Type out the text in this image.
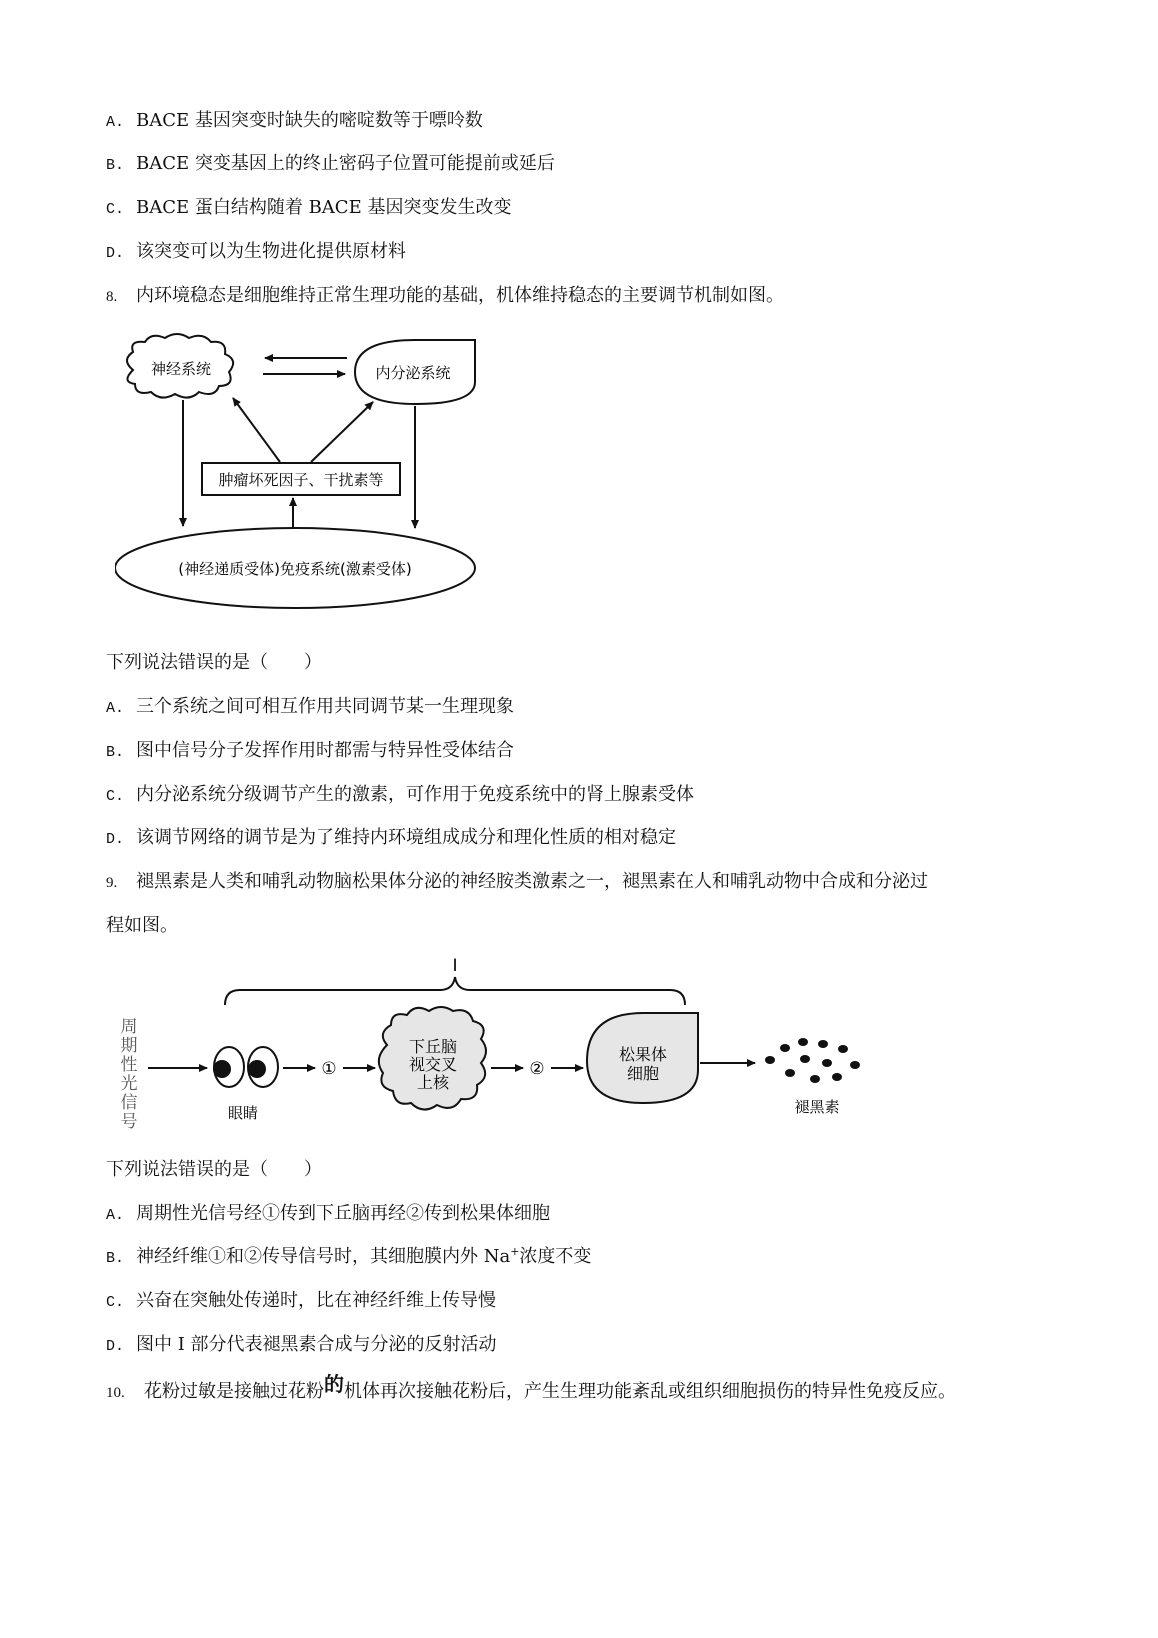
A. BACE 基因突变时缺失的嘧啶数等于嘌呤数
B. BACE 突变基因上的终止密码子位置可能提前或延后
C. BACE 蛋白结构随着 BACE 基因突变发生改变
D. 该突变可以为生物进化提供原材料
8. 内环境稳态是细胞维持正常生理功能的基础，机体维持稳态的主要调节机制如图。
神经系统	内分泌系统
肿瘤坏死因子、干扰素等
(神经递质受体)免疫系统(激素受体)
下列说法错误的是（　　）
A. 三个系统之间可相互作用共同调节某一生理现象
B. 图中信号分子发挥作用时都需与特异性受体结合
C. 内分泌系统分级调节产生的激素，可作用于免疫系统中的肾上腺素受体
D. 该调节网络的调节是为了维持内环境组成成分和理化性质的相对稳定
9. 褪黑素是人类和哺乳动物脑松果体分泌的神经胺类激素之一，褪黑素在人和哺乳动物中合成和分泌过
程如图。
I
周
期
性
光
信
号	眼睛
①
下丘脑
视交叉
上核
②
松果体
细胞
褪黑素
下列说法错误的是（　　）
A. 周期性光信号经①传到下丘脑再经②传到松果体细胞
B. 神经纤维①和②传导信号时，其细胞膜内外 Na+浓度不变
C. 兴奋在突触处传递时，比在神经纤维上传导慢
D. 图中 I 部分代表褪黑素合成与分泌的反射活动
10. 花粉过敏是接触过花粉的机体再次接触花粉后，产生生理功能紊乱或组织细胞损伤的特异性免疫反应。
